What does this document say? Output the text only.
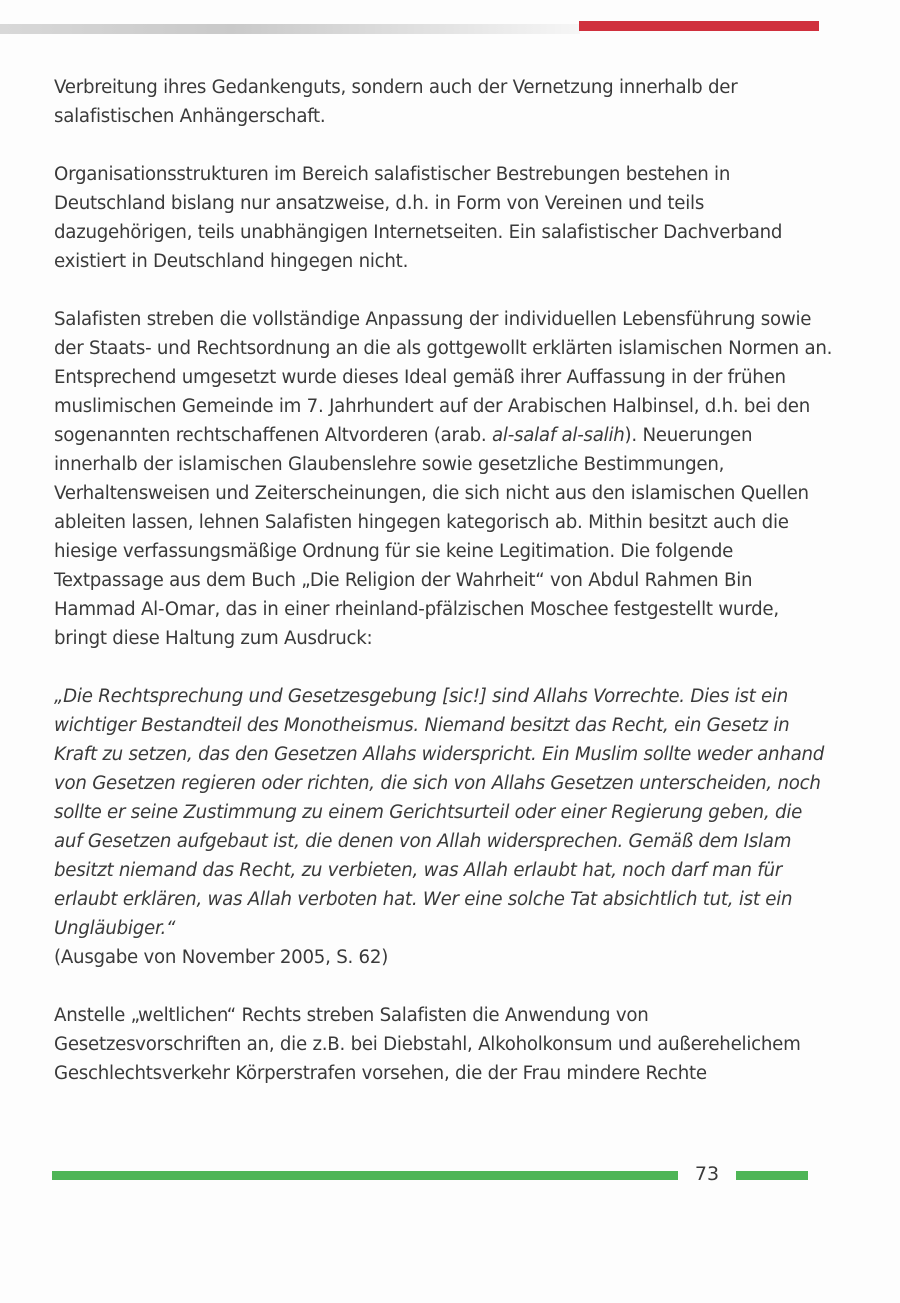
Verbreitung ihres Gedankenguts, sondern auch der Vernetzung innerhalb der salafistischen Anhängerschaft.

Organisationsstrukturen im Bereich salafistischer Bestrebungen bestehen in Deutschland bislang nur ansatzweise, d.h. in Form von Vereinen und teils dazugehörigen, teils unabhängigen Internetseiten. Ein salafistischer Dachverband existiert in Deutschland hingegen nicht.

Salafisten streben die vollständige Anpassung der individuellen Lebensführung sowie der Staats- und Rechtsordnung an die als gottgewollt erklärten islamischen Normen an. Entsprechend umgesetzt wurde dieses Ideal gemäß ihrer Auffassung in der frühen muslimischen Gemeinde im 7. Jahrhundert auf der Arabischen Halbinsel, d.h. bei den sogenannten rechtschaffenen Altvorderen (arab. al-salaf al-salih). Neuerungen innerhalb der islamischen Glaubenslehre sowie gesetzliche Bestimmungen, Verhaltensweisen und Zeiterscheinungen, die sich nicht aus den islamischen Quellen ableiten lassen, lehnen Salafisten hingegen kategorisch ab. Mithin besitzt auch die hiesige verfassungsmäßige Ordnung für sie keine Legitimation. Die folgende Textpassage aus dem Buch „Die Religion der Wahrheit“ von Abdul Rahmen Bin Hammad Al-Omar, das in einer rheinland-pfälzischen Moschee festgestellt wurde, bringt diese Haltung zum Ausdruck:

„Die Rechtsprechung und Gesetzesgebung [sic!] sind Allahs Vorrechte. Dies ist ein wichtiger Bestandteil des Monotheismus. Niemand besitzt das Recht, ein Gesetz in Kraft zu setzen, das den Gesetzen Allahs widerspricht. Ein Muslim sollte weder anhand von Gesetzen regieren oder richten, die sich von Allahs Gesetzen unterscheiden, noch sollte er seine Zustimmung zu einem Gerichtsurteil oder einer Regierung geben, die auf Gesetzen aufgebaut ist, die denen von Allah widersprechen. Gemäß dem Islam besitzt niemand das Recht, zu verbieten, was Allah erlaubt hat, noch darf man für erlaubt erklären, was Allah verboten hat. Wer eine solche Tat absichtlich tut, ist ein Ungläubiger.“
(Ausgabe von November 2005, S. 62)

Anstelle „weltlichen“ Rechts streben Salafisten die Anwendung von Gesetzesvorschriften an, die z.B. bei Diebstahl, Alkoholkonsum und außerehelichem Geschlechtsverkehr Körperstrafen vorsehen, die der Frau mindere Rechte

73
